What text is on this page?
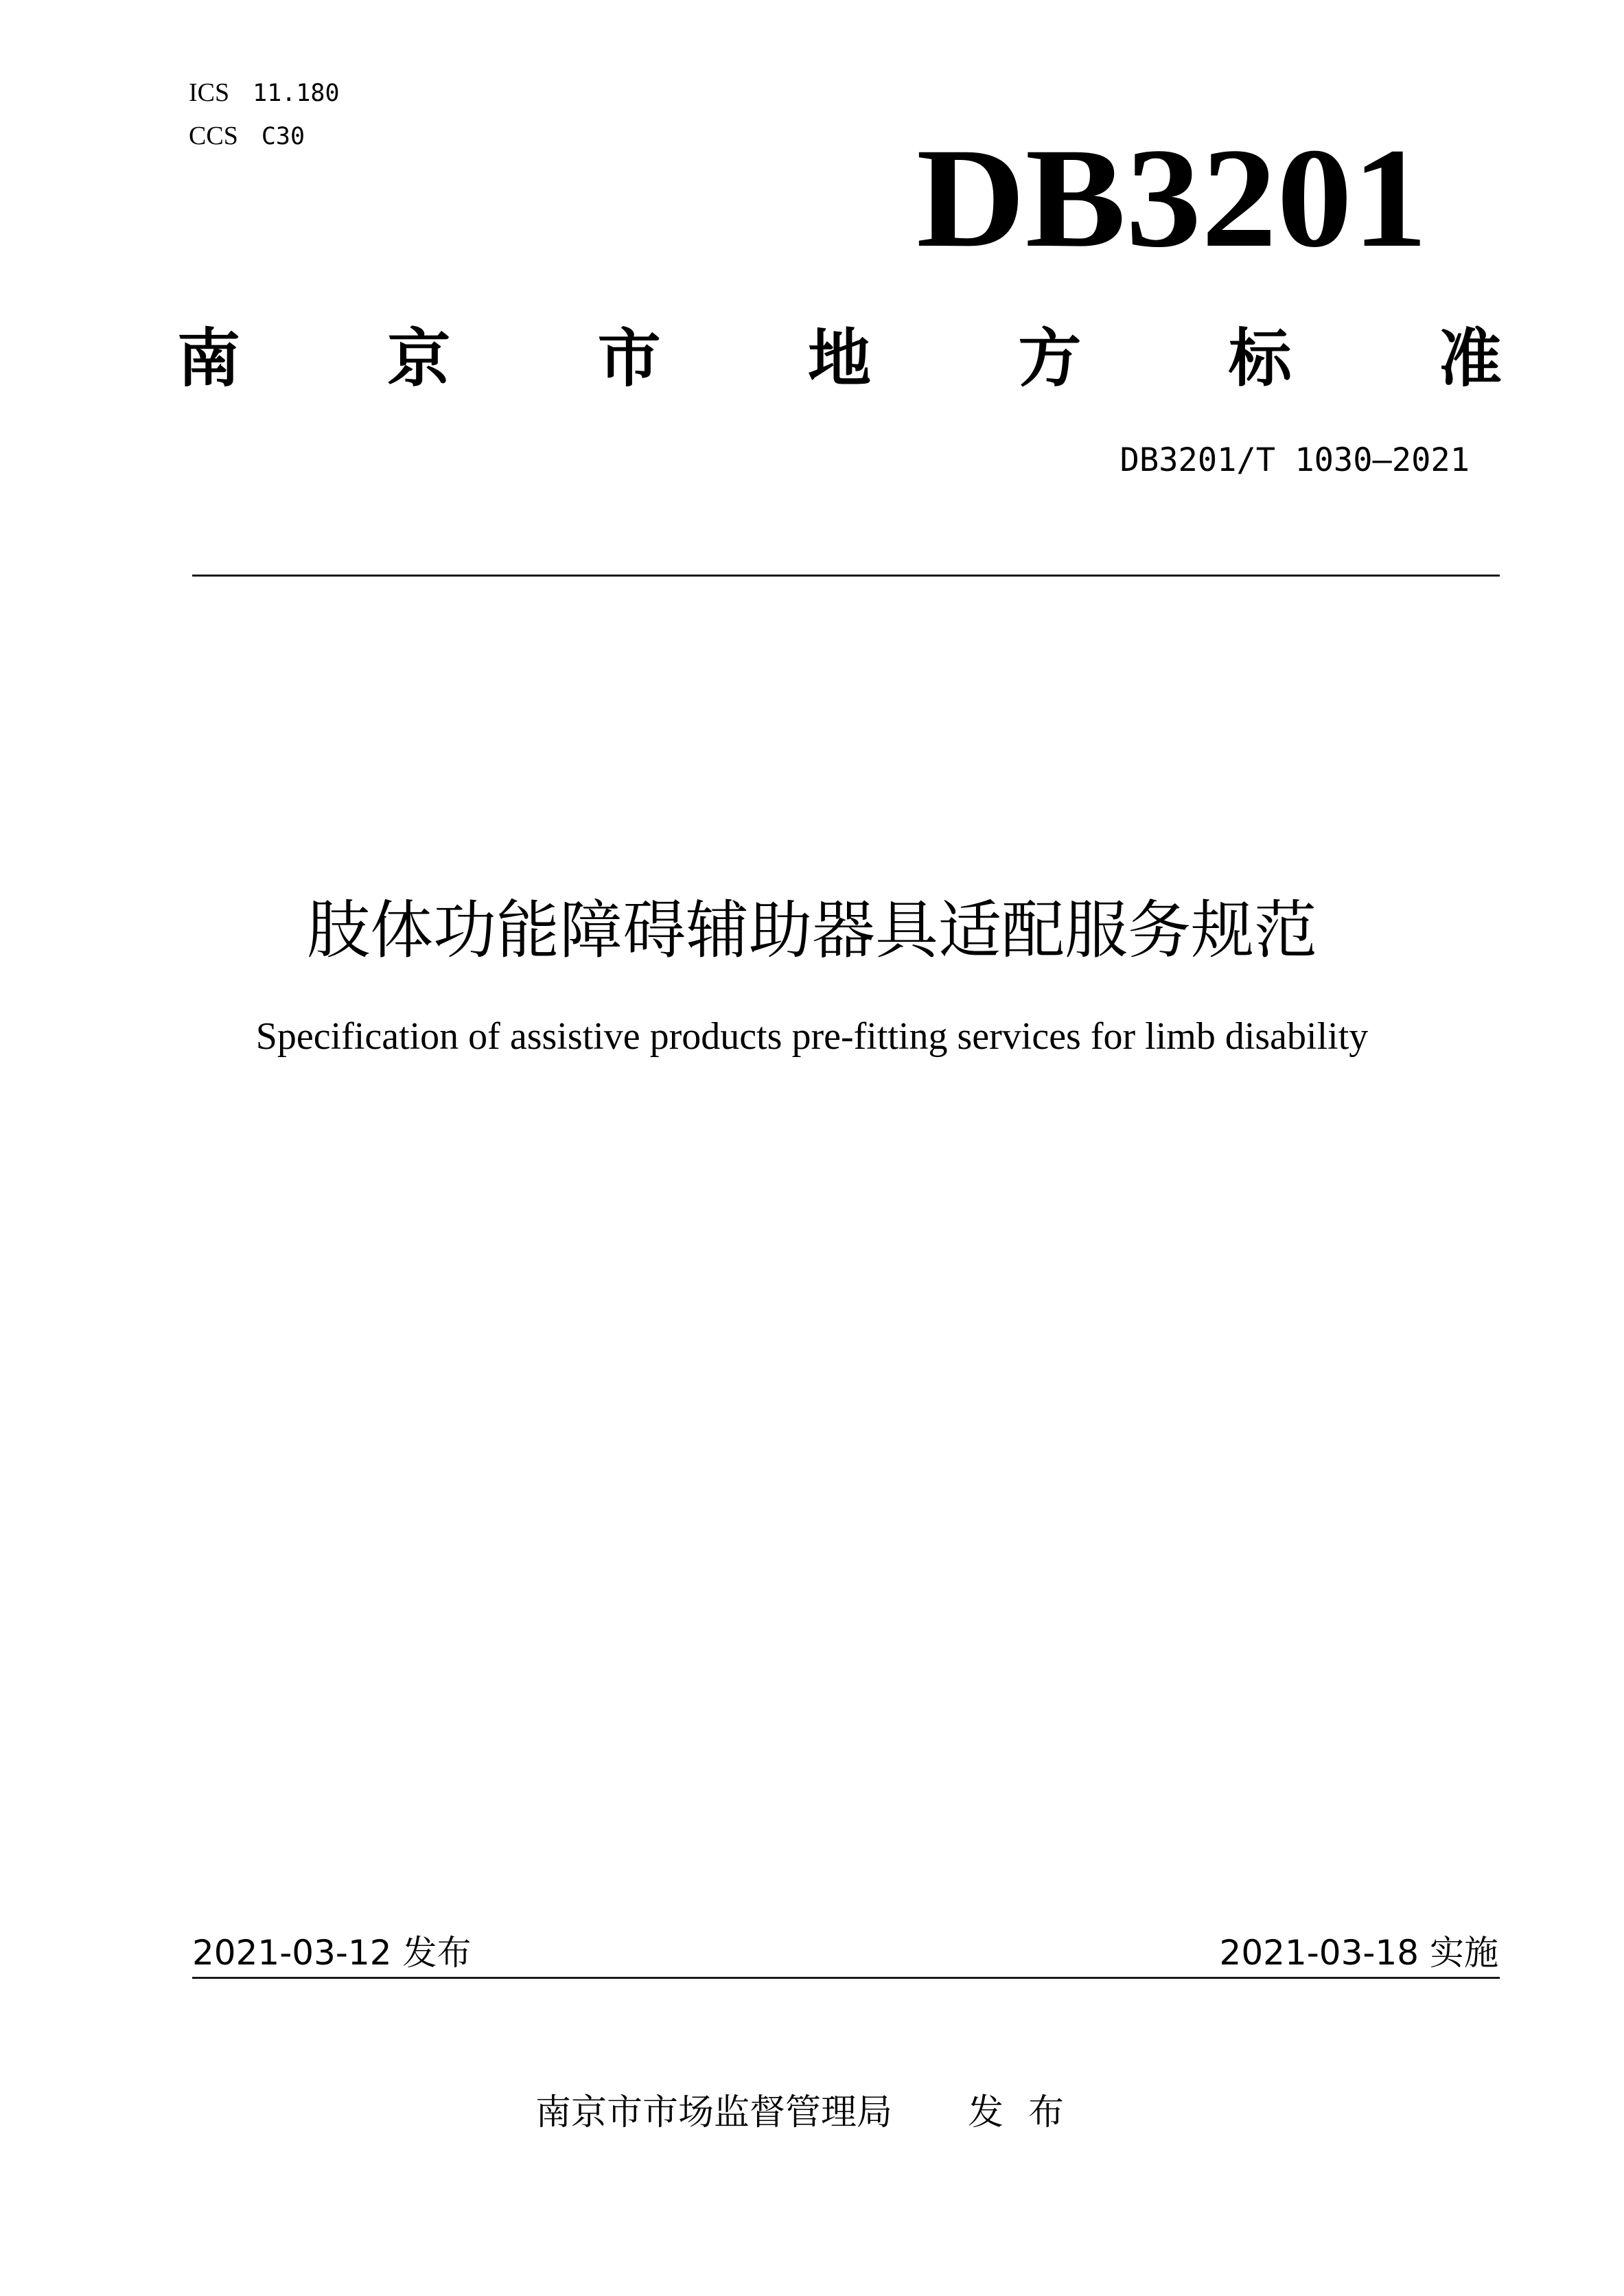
ICS 11.180
CCS C30	DB3201
南 京 市 地 方 标 准
DB3201/T 1030—2021
肢体功能障碍辅助器具适配服务规范
Specification of assistive products pre-fitting services for limb disability
2021-03-12 发布	2021-03-18 实施
南京市市场监督管理局 发布
